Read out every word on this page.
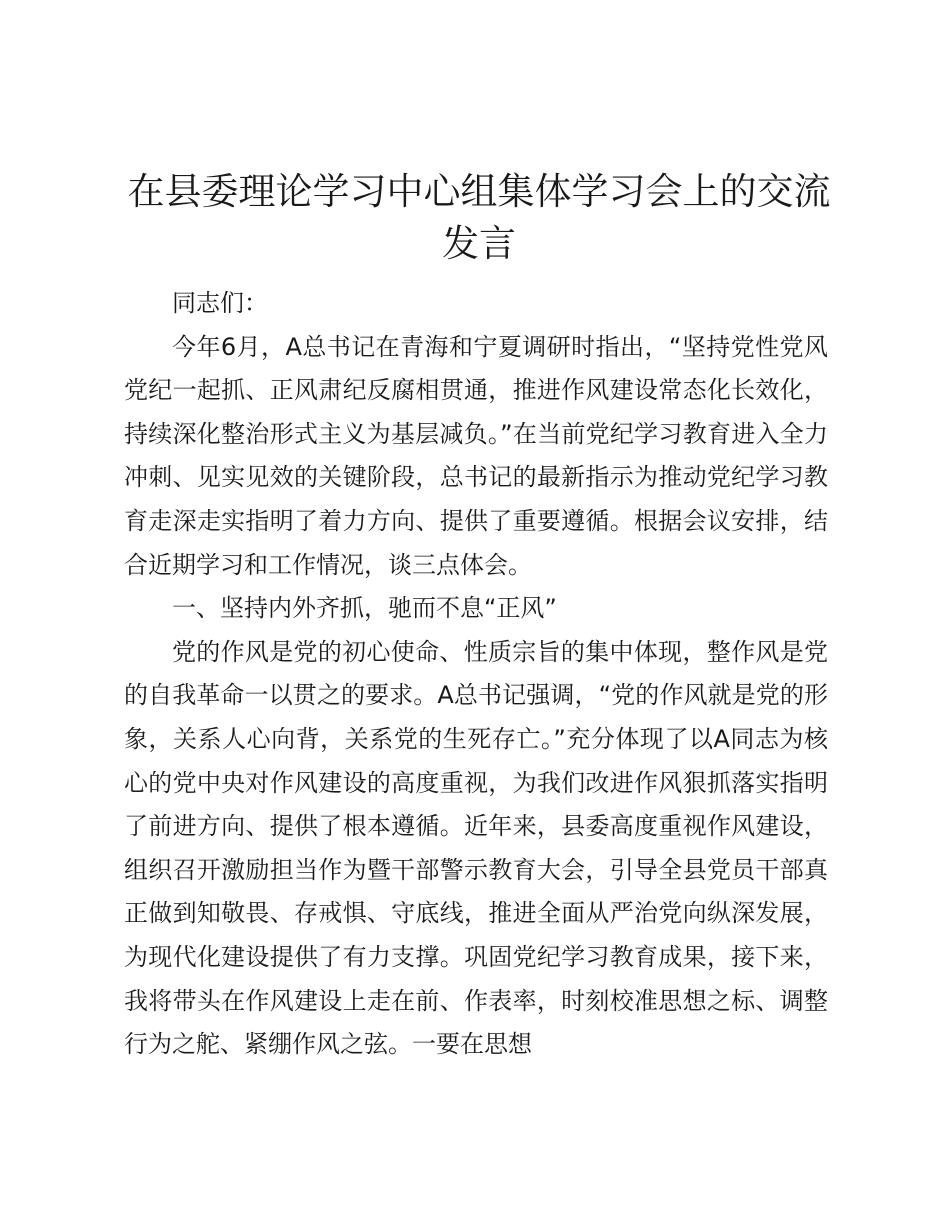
在县委理论学习中心组集体学习会上的交流发言

同志们：

今年6月，A总书记在青海和宁夏调研时指出，“坚持党性党风党纪一起抓、正风肃纪反腐相贯通，推进作风建设常态化长效化，持续深化整治形式主义为基层减负。”在当前党纪学习教育进入全力冲刺、见实见效的关键阶段，总书记的最新指示为推动党纪学习教育走深走实指明了着力方向、提供了重要遵循。根据会议安排，结合近期学习和工作情况，谈三点体会。

一、坚持内外齐抓，驰而不息“正风”

党的作风是党的初心使命、性质宗旨的集中体现，整作风是党的自我革命一以贯之的要求。A总书记强调，“党的作风就是党的形象，关系人心向背，关系党的生死存亡。”充分体现了以A同志为核心的党中央对作风建设的高度重视，为我们改进作风狠抓落实指明了前进方向、提供了根本遵循。近年来，县委高度重视作风建设，组织召开激励担当作为暨干部警示教育大会，引导全县党员干部真正做到知敬畏、存戒惧、守底线，推进全面从严治党向纵深发展，为现代化建设提供了有力支撑。巩固党纪学习教育成果，接下来，我将带头在作风建设上走在前、作表率，时刻校准思想之标、调整行为之舵、紧绷作风之弦。一要在思想
